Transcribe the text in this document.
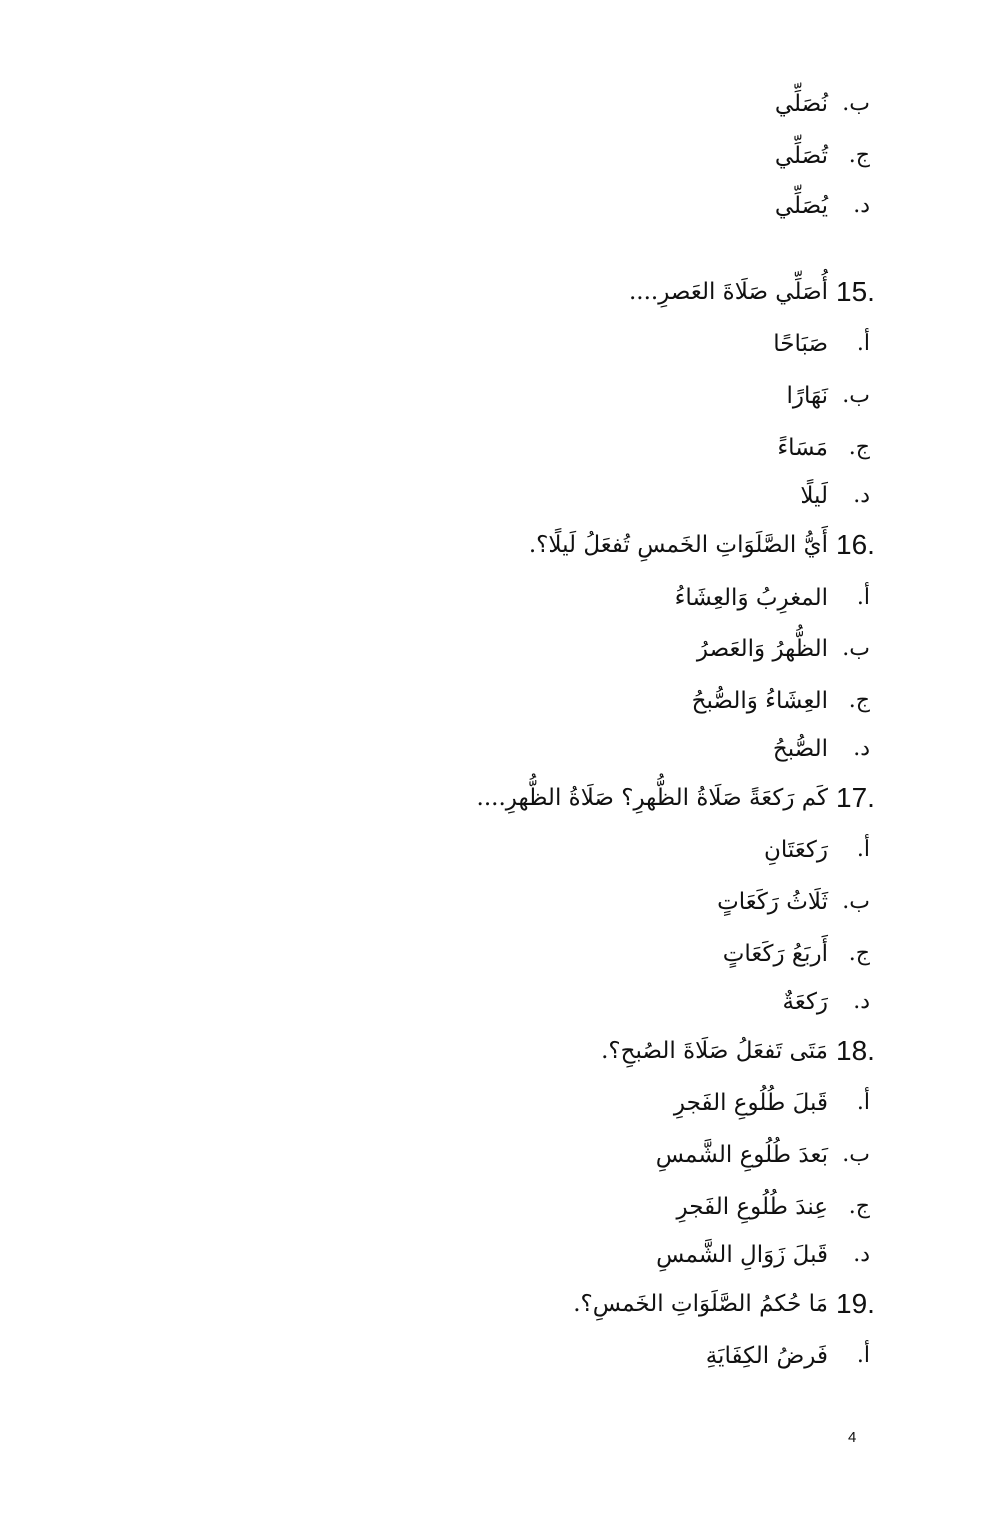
ب.
نُصَلِّي
ج.
تُصَلِّي
د.
يُصَلِّي
15.
أُصَلِّي صَلَاةَ العَصرِ....
أ.
صَبَاحًا
ب.
نَهَارًا
ج.
مَسَاءً
د.
لَيلًا
16.
أَيُّ الصَّلَوَاتِ الخَمسِ تُفعَلُ لَيلًا؟.
أ.
المغرِبُ وَالعِشَاءُ
ب.
الظُّهرُ وَالعَصرُ
ج.
العِشَاءُ وَالصُّبحُ
د.
الصُّبحُ
17.
كَم رَكعَةً صَلَاةُ الظُّهرِ؟ صَلَاةُ الظُّهرِ....
أ.
رَكعَتَانِ
ب.
ثَلَاثُ رَكَعَاتٍ
ج.
أَربَعُ رَكَعَاتٍ
د.
رَكعَةٌ
18.
مَتَى تَفعَلُ صَلَاةَ الصُبحِ؟.
أ.
قَبلَ طُلُوعِ الفَجرِ
ب.
بَعدَ طُلُوعِ الشَّمسِ
ج.
عِندَ طُلُوعِ الفَجرِ
د.
قَبلَ زَوَالِ الشَّمسِ
19.
مَا حُكمُ الصَّلَوَاتِ الخَمسِ؟.
أ.
فَرضُ الكِفَايَةِ
4
